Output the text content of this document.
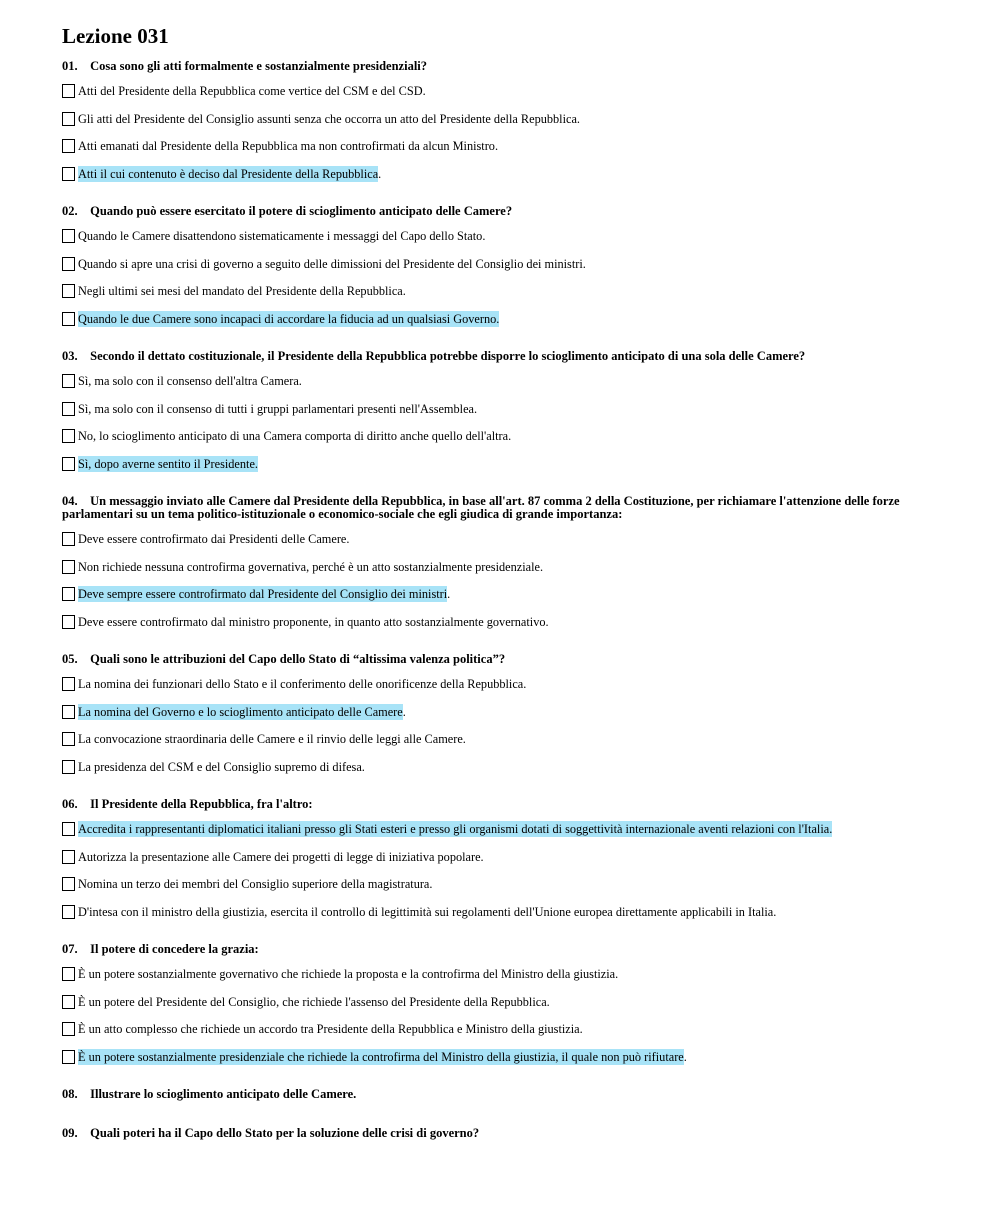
Lezione 031
01. Cosa sono gli atti formalmente e sostanzialmente presidenziali?
Atti del Presidente della Repubblica come vertice del CSM e del CSD.
Gli atti del Presidente del Consiglio assunti senza che occorra un atto del Presidente della Repubblica.
Atti emanati dal Presidente della Repubblica ma non controfirmati da alcun Ministro.
Atti il cui contenuto è deciso dal Presidente della Repubblica .
02. Quando può essere esercitato il potere di scioglimento anticipato delle Camere?
Quando le Camere disattendono sistematicamente i messaggi del Capo dello Stato.
Quando si apre una crisi di governo a seguito delle dimissioni del Presidente del Consiglio dei ministri.
Negli ultimi sei mesi del mandato del Presidente della Repubblica.
Quando le due Camere sono incapaci di accordare la fiducia ad un qualsiasi Governo.
03. Secondo il dettato costituzionale, il Presidente della Repubblica potrebbe disporre lo scioglimento anticipato di una sola delle Camere?
Sì, ma solo con il consenso dell'altra Camera.
Sì, ma solo con il consenso di tutti i gruppi parlamentari presenti nell'Assemblea.
No, lo scioglimento anticipato di una Camera comporta di diritto anche quello dell'altra.
Sì, dopo averne sentito il Presidente.
04. Un messaggio inviato alle Camere dal Presidente della Repubblica, in base all'art. 87 comma 2 della Costituzione, per richiamare l'attenzione delle forze parlamentari su un tema politico-istituzionale o economico-sociale che egli giudica di grande importanza:
Deve essere controfirmato dai Presidenti delle Camere.
Non richiede nessuna controfirma governativa, perché è un atto sostanzialmente presidenziale.
Deve sempre essere controfirmato dal Presidente del Consiglio dei ministri .
Deve essere controfirmato dal ministro proponente, in quanto atto sostanzialmente governativo.
05. Quali sono le attribuzioni del Capo dello Stato di “altissima valenza politica”?
La nomina dei funzionari dello Stato e il conferimento delle onorificenze della Repubblica.
La nomina del Governo e lo scioglimento anticipato delle Camere .
La convocazione straordinaria delle Camere e il rinvio delle leggi alle Camere.
La presidenza del CSM e del Consiglio supremo di difesa.
06. Il Presidente della Repubblica, fra l'altro:
Accredita i rappresentanti diplomatici italiani presso gli Stati esteri e presso gli organismi dotati di soggettività internazionale aventi relazioni con l'Italia.
Autorizza la presentazione alle Camere dei progetti di legge di iniziativa popolare.
Nomina un terzo dei membri del Consiglio superiore della magistratura.
D'intesa con il ministro della giustizia, esercita il controllo di legittimità sui regolamenti dell'Unione europea direttamente applicabili in Italia.
07. Il potere di concedere la grazia:
È un potere sostanzialmente governativo che richiede la proposta e la controfirma del Ministro della giustizia.
È un potere del Presidente del Consiglio, che richiede l'assenso del Presidente della Repubblica.
È un atto complesso che richiede un accordo tra Presidente della Repubblica e Ministro della giustizia.
È un potere sostanzialmente presidenziale che richiede la controfirma del Ministro della giustizia, il quale non può rifiutare .
08. Illustrare lo scioglimento anticipato delle Camere.
09. Quali poteri ha il Capo dello Stato per la soluzione delle crisi di governo?
